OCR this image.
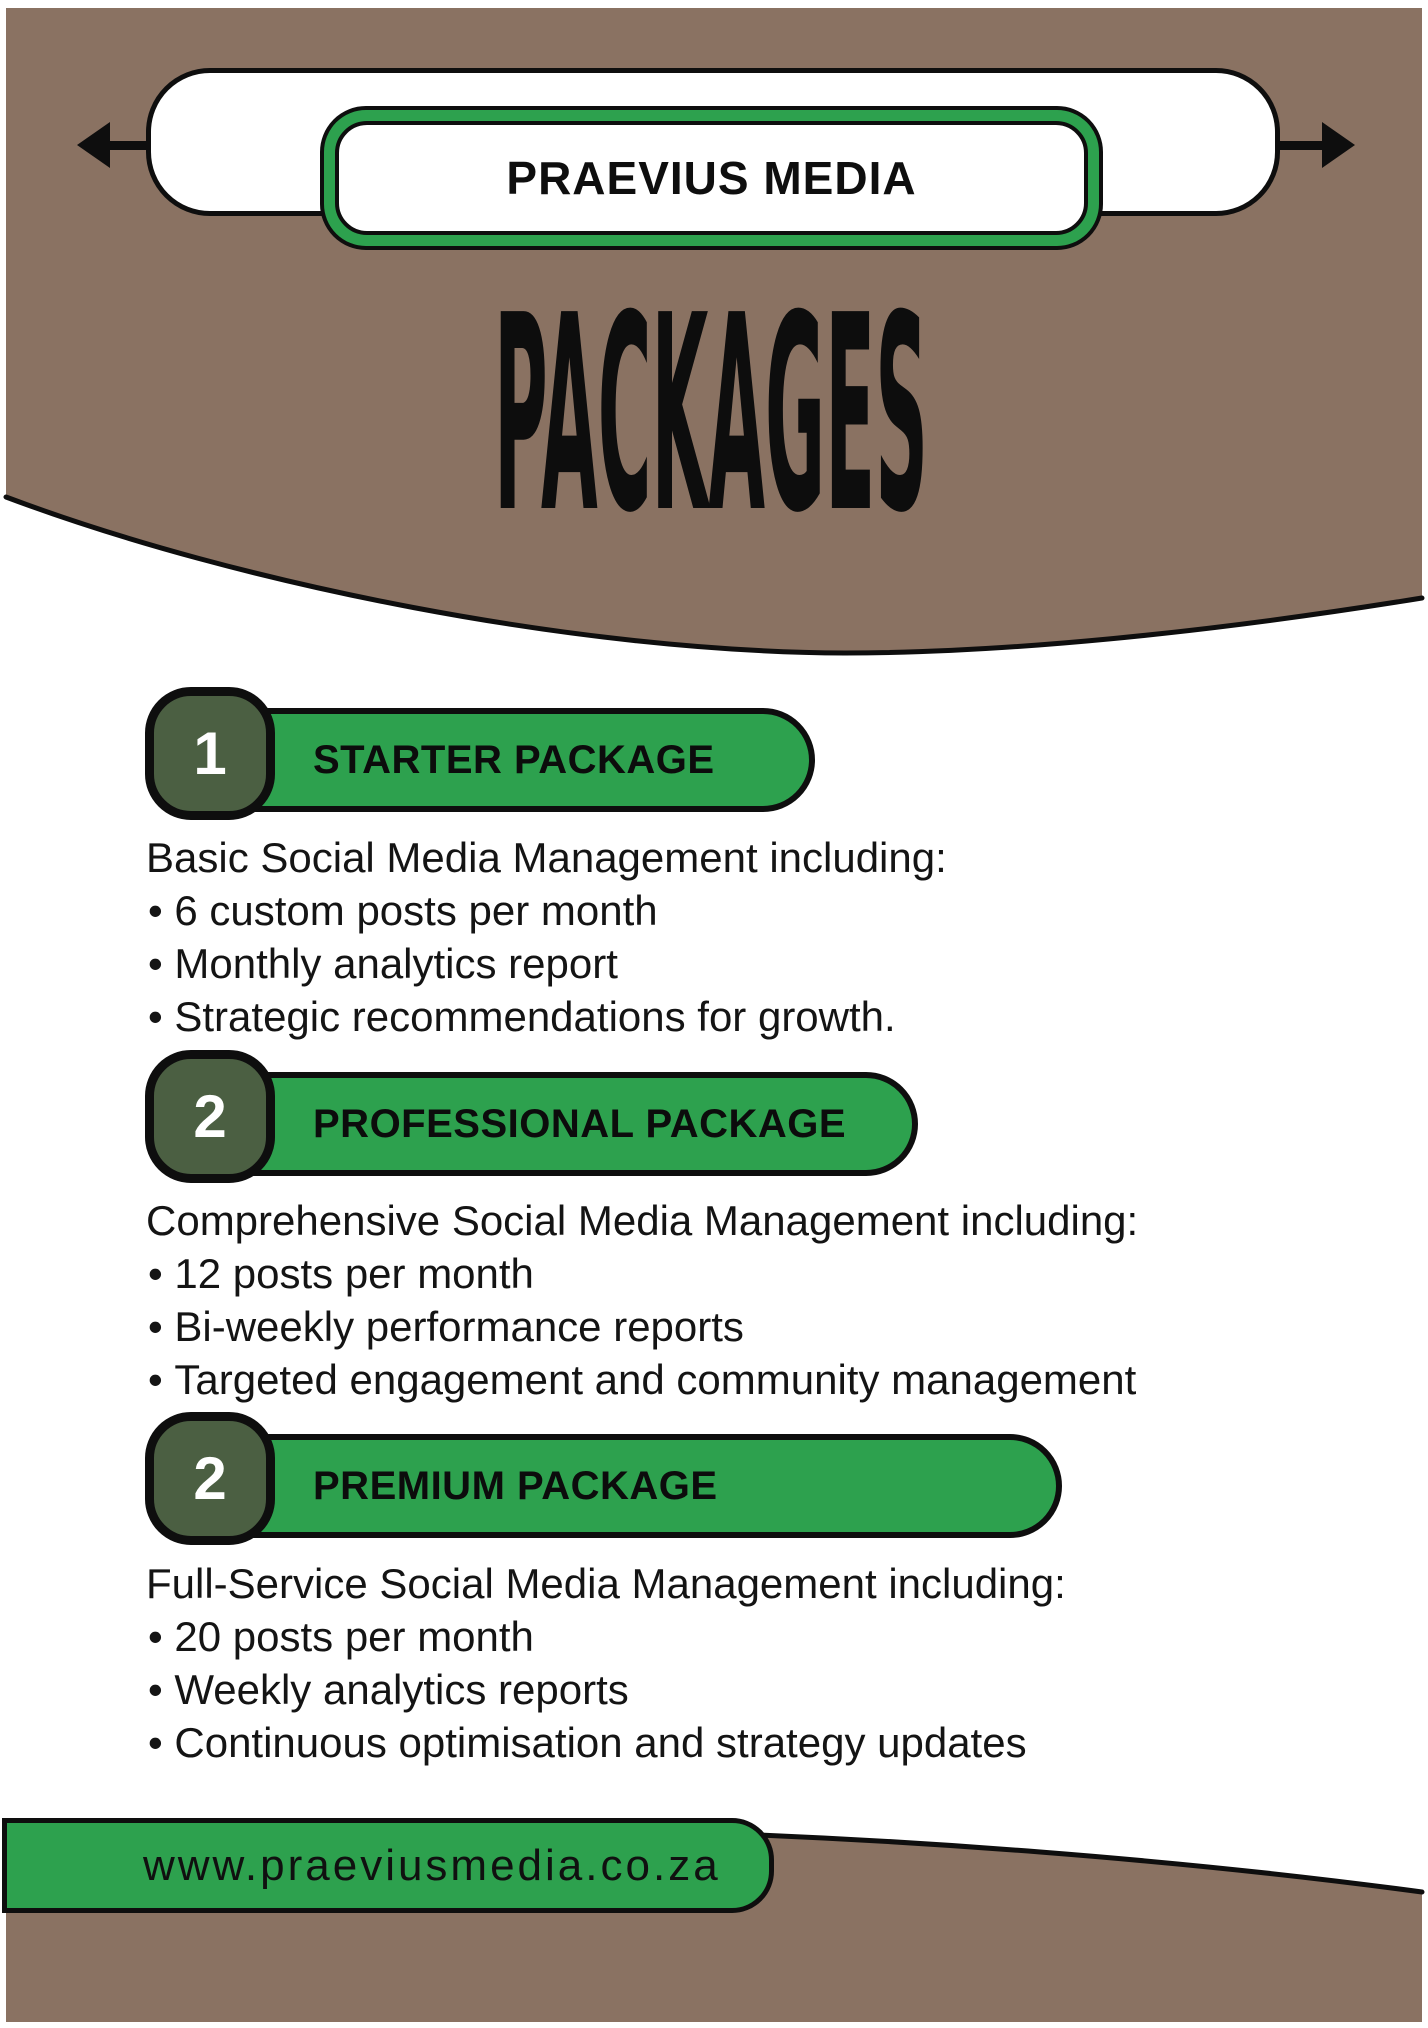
PACKAGES
PRAEVIUS MEDIA
1 STARTER PACKAGE
Basic Social Media Management including:
• 6 custom posts per month
• Monthly analytics report
• Strategic recommendations for growth.
2 PROFESSIONAL PACKAGE
Comprehensive Social Media Management including:
• 12 posts per month
• Bi-weekly performance reports
• Targeted engagement and community management
2 PREMIUM PACKAGE
Full-Service Social Media Management including:
• 20 posts per month
• Weekly analytics reports
• Continuous optimisation and strategy updates
www.praeviusmedia.co.za
